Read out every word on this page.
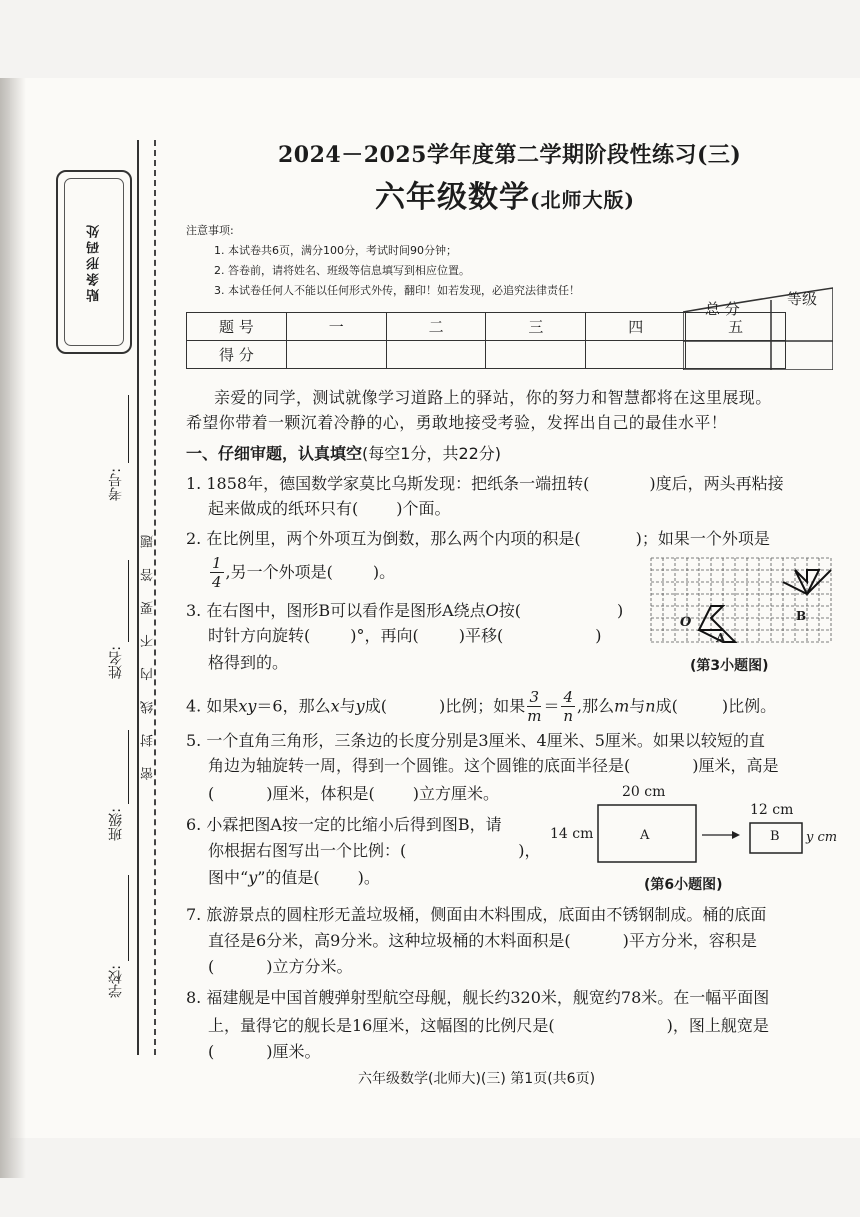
贴条形码处
考号:
姓名:
班级:
学校:
密 封 线 内 不 要 答 题
2024－2025学年度第二学期阶段性练习(三)
六年级数学(北师大版)
注意事项:
1. 本试卷共6页，满分100分，考试时间90分钟；
2. 答卷前，请将姓名、班级等信息填写到相应位置。
3. 本试卷任何人不能以任何形式外传，翻印！如若发现，必追究法律责任！
题 号	一	二	三	四	五
得 分					
总 分
等级
亲爱的同学，测试就像学习道路上的驿站，你的努力和智慧都将在这里展现。
希望你带着一颗沉着冷静的心，勇敢地接受考验，发挥出自己的最佳水平！
一、仔细审题，认真填空(每空1分，共22分)
1. 1858年，德国数学家莫比乌斯发现：把纸条一端扭转(	)度后，两头再粘接
起来做成的纸环只有( )个面。
2. 在比例里，两个外项互为倒数，那么两个内项的积是(	)；如果一个外项是
$\frac{1}{4}$ ,另一个外项是(	)。
3. 在右图中，图形B可以看作是图形A绕点O按(	)
时针方向旋转(	)°，再向(	)平移(	)
格得到的。
O
A
B
(第3小题图)
4. 如果xy＝6，那么x与y成(	)比例；如果 $\frac{3}{m} = \frac{4}{n}$ ,那么m与n成(	)比例。
5. 一个直角三角形，三条边的长度分别是3厘米、4厘米、5厘米。如果以较短的直
角边为轴旋转一周，得到一个圆锥。这个圆锥的底面半径是(	)厘米，高是
(	)厘米，体积是( )立方厘米。
6. 小霖把图A按一定的比缩小后得到图B，请
你根据右图写出一个比例：(	)，
图中“y”的值是( )。
20 cm
14 cm	A
12 cm
B y cm
(第6小题图)
7. 旅游景点的圆柱形无盖垃圾桶，侧面由木料围成，底面由不锈钢制成。桶的底面
直径是6分米，高9分米。这种垃圾桶的木料面积是(	)平方分米，容积是
(	)立方分米。
8. 福建舰是中国首艘弹射型航空母舰，舰长约320米，舰宽约78米。在一幅平面图
上，量得它的舰长是16厘米，这幅图的比例尺是(	)，图上舰宽是
(	)厘米。
六年级数学(北师大)(三) 第1页(共6页)
